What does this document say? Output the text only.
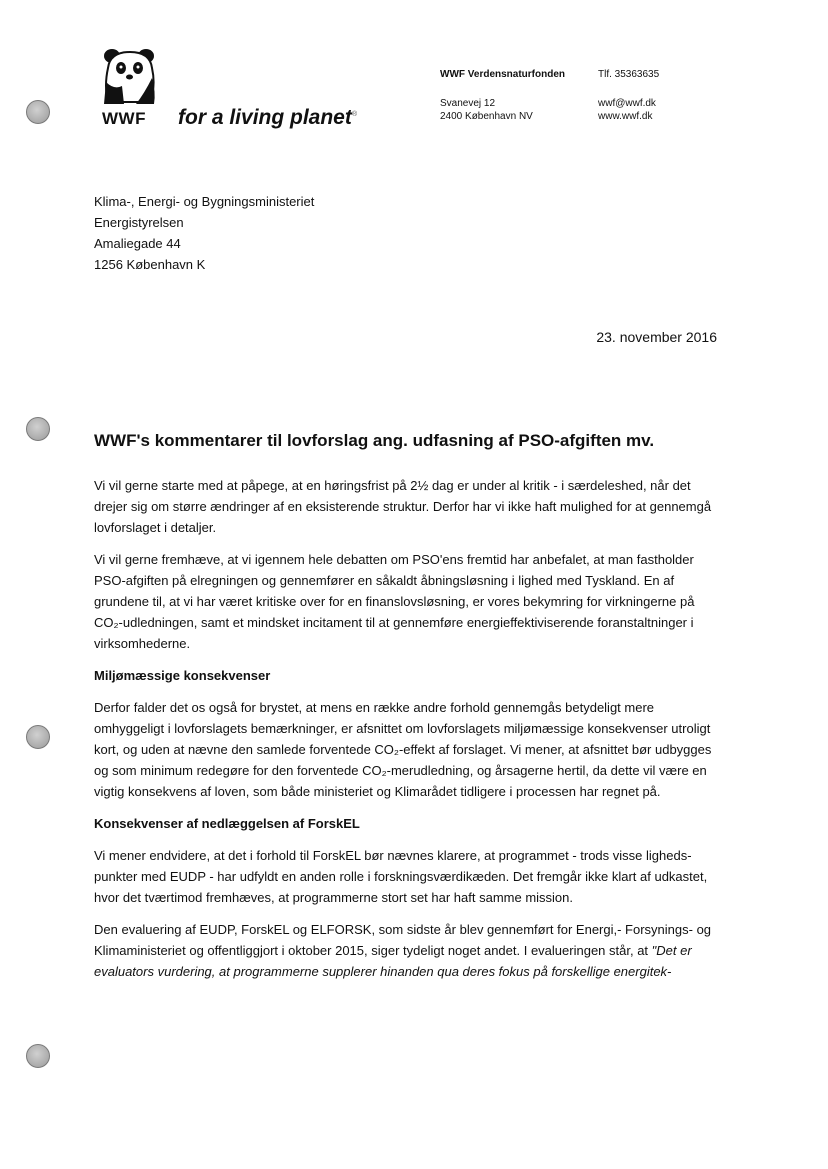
WWF for a living planet®
WWF Verdensnaturfonden	Tlf. 35363635
Svanevej 12
2400 København NV
wwf@wwf.dk
www.wwf.dk
Klima-, Energi- og Bygningsministeriet
Energistyrelsen
Amaliegade 44
1256 København K
23. november 2016
WWF's kommentarer til lovforslag ang. udfasning af PSO-afgiften mv.

Vi vil gerne starte med at påpege, at en høringsfrist på 2½ dag er under al kritik - i særdeleshed, når det drejer sig om større ændringer af en eksisterende struktur. Derfor har vi ikke haft mulighed for at gennemgå lovforslaget i detaljer.

Vi vil gerne fremhæve, at vi igennem hele debatten om PSO'ens fremtid har anbefalet, at man fastholder PSO-afgiften på elregningen og gennemfører en såkaldt åbningsløsning i lighed med Tyskland. En af grundene til, at vi har været kritiske over for en finanslovsløsning, er vores bekymring for virkningerne på CO₂-udledningen, samt et mindsket incitament til at gennemføre energieffektiviserende foranstaltninger i virksomhederne.

Miljømæssige konsekvenser

Derfor falder det os også for brystet, at mens en række andre forhold gennemgås betydeligt mere omhyggeligt i lovforslagets bemærkninger, er afsnittet om lovforslagets miljømæssige konsekvenser utroligt kort, og uden at nævne den samlede forventede CO₂-effekt af forslaget. Vi mener, at afsnittet bør udbygges og som minimum redegøre for den forventede CO₂-merudledning, og årsagerne hertil, da dette vil være en vigtig konsekvens af loven, som både ministeriet og Klimarådet tidligere i processen har regnet på.

Konsekvenser af nedlæggelsen af ForskEL

Vi mener endvidere, at det i forhold til ForskEL bør nævnes klarere, at programmet - trods visse lighedspunkter med EUDP - har udfyldt en anden rolle i forskningsværdikæden. Det fremgår ikke klart af udkastet, hvor det tværtimod fremhæves, at programmerne stort set har haft samme mission.

Den evaluering af EUDP, ForskEL og ELFORSK, som sidste år blev gennemført for Energi,- Forsynings- og Klimaministeriet og offentliggjort i oktober 2015, siger tydeligt noget andet. I evalueringen står, at "Det er evaluators vurdering, at programmerne supplerer hinanden qua deres fokus på forskellige energitek-
